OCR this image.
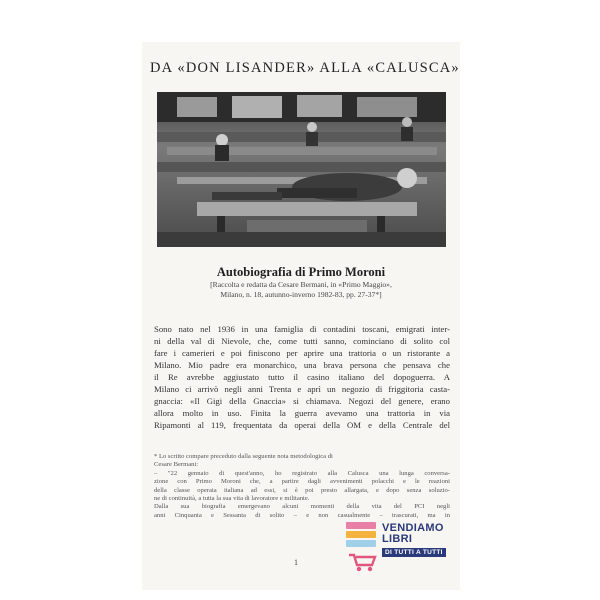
DA «DON LISANDER» ALLA «CALUSCA»
Autobiografia di Primo Moroni
[Raccolta e redatta da Cesare Bermani, in «Primo Maggio»,
Milano, n. 18, autunno-inverno 1982-83, pp. 27-37*]
Sono nato nel 1936 in una famiglia di contadini toscani, emigrati inter-
ni della val di Nievole, che, come tutti sanno, cominciano di solito col
fare i camerieri e poi finiscono per aprire una trattoria o un ristorante a
Milano. Mio padre era monarchico, una brava persona che pensava che
il Re avrebbe aggiustato tutto il casino italiano del dopoguerra. A
Milano ci arrivò negli anni Trenta e aprì un negozio di friggitoria casta-
gnaccia: «Il Gigi della Gnaccia» si chiamava. Negozi del genere, erano
allora molto in uso. Finita la guerra avevamo una trattoria in via
Ripamonti al 119, frequentata da operai della OM e della Centrale del
* Lo scritto compare preceduto dalla seguente nota metodologica di
Cesare Bermani:
– "22 gennaio di quest'anno, ho registrato alla Calusca una lunga conversa-
zione con Primo Moroni che, a partire dagli avvenimenti polacchi e le reazioni
della classe operaia italiana ad essi, si è poi presto allargata, e dopo senza soluzio-
ne di continuità, a tutta la sua vita di lavoratore e militante.
Dalla sua biografia emergevano alcuni momenti della vita del PCI negli
anni Cinquanta e Sessanta di solito – e non casualmente – trascurati, ma in
1
VENDIAMO
LIBRI
DI TUTTI A TUTTI
